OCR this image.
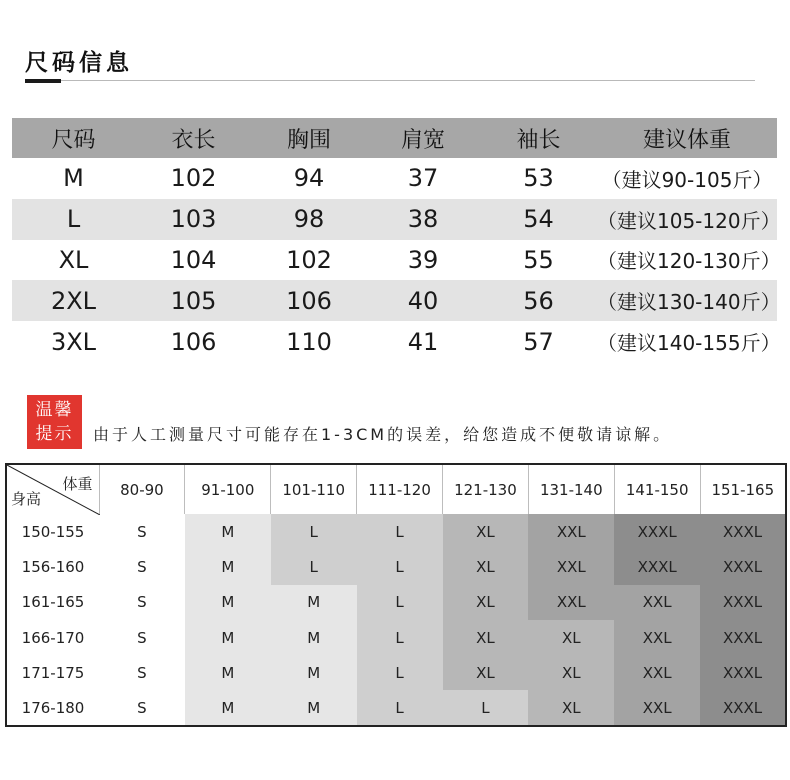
尺码信息
尺码	衣长	胸围	肩宽	袖长	建议体重
M	102	94	37	53	（建议90-105斤）
L	103	98	38	54	（建议105-120斤）
XL	104	102	39	55	（建议120-130斤）
2XL	105	106	40	56	（建议130-140斤）
3XL	106	110	41	57	（建议140-155斤）
温馨
提示	由于人工测量尺寸可能存在1-3CM的误差，给您造成不便敬请谅解。
体重
身高	80-90	91-100	101-110	111-120	121-130	131-140	141-150	151-165
150-155	S	M	L	L	XL	XXL	XXXL	XXXL
156-160	S	M	L	L	XL	XXL	XXXL	XXXL
161-165	S	M	M	L	XL	XXL	XXL	XXXL
166-170	S	M	M	L	XL	XL	XXL	XXXL
171-175	S	M	M	L	XL	XL	XXL	XXXL
176-180	S	M	M	L	L	XL	XXL	XXXL
